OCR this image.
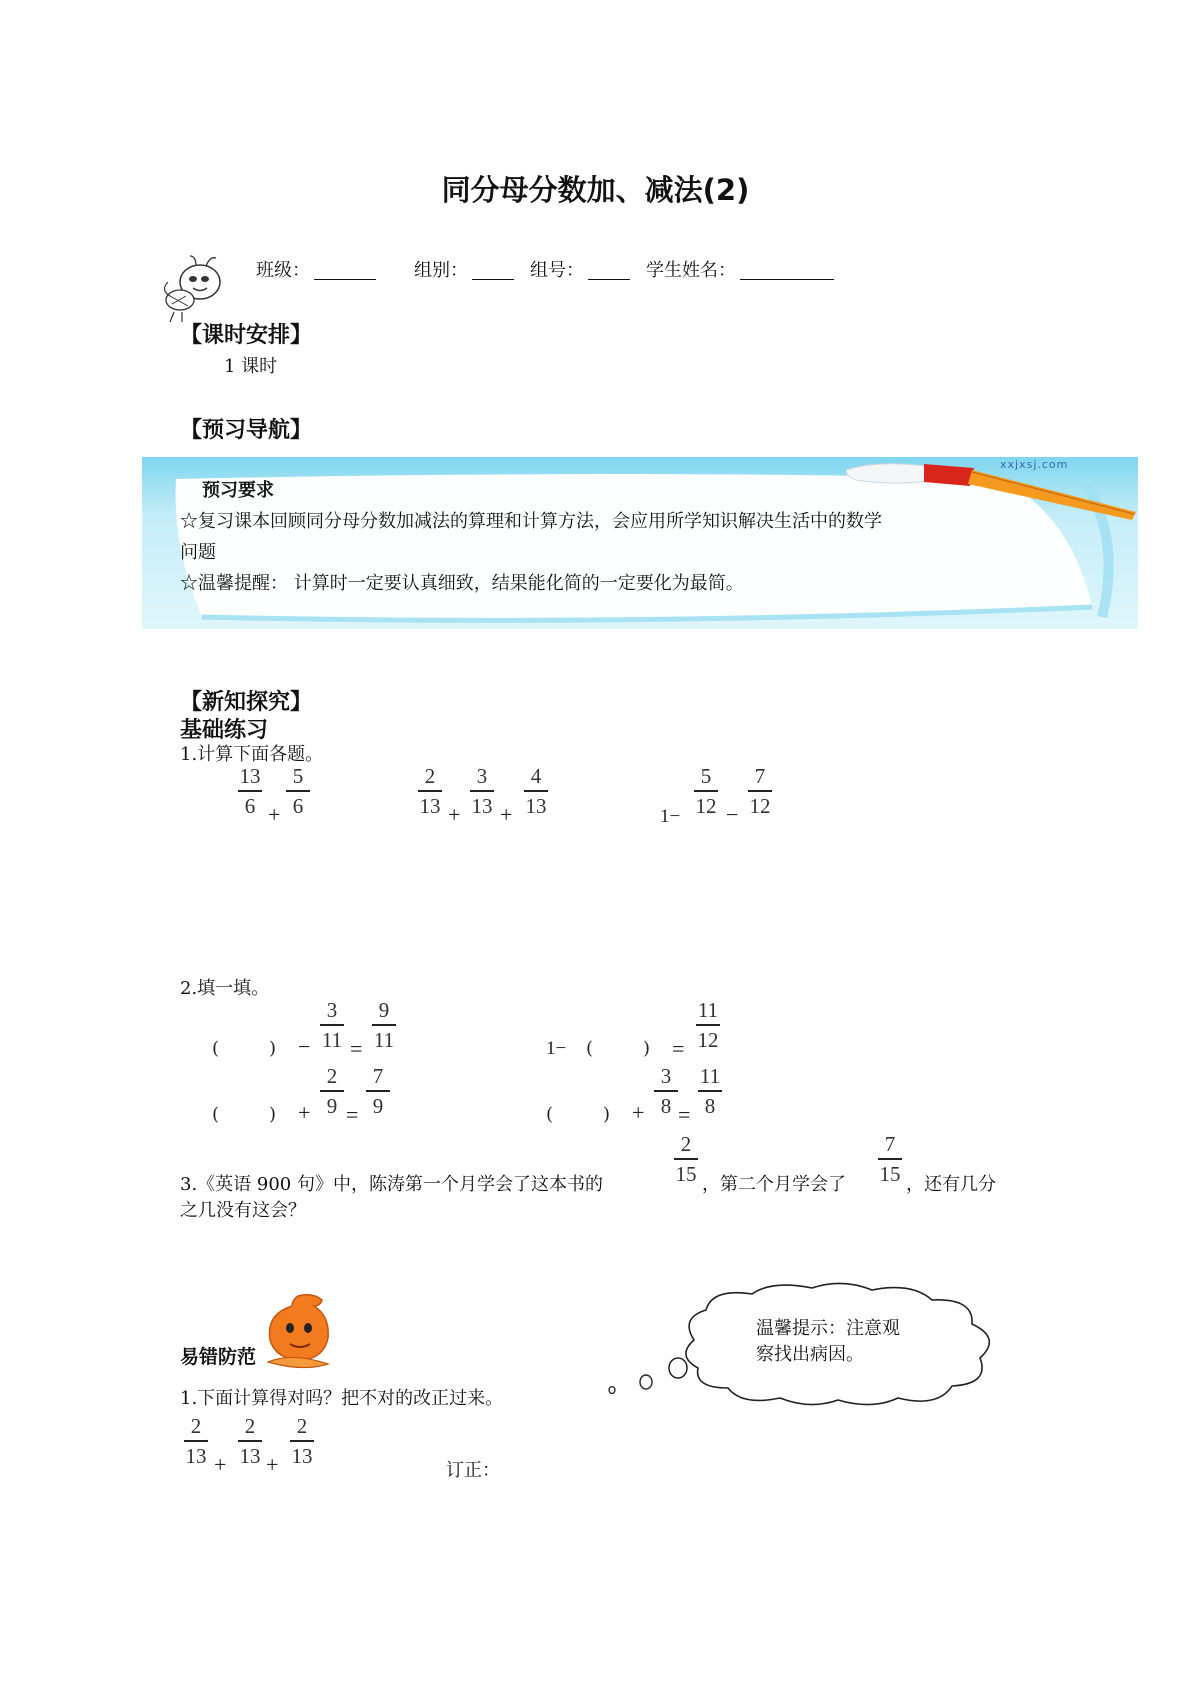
同分母分数加、减法(2)
班级：	组别：	组号：	学生姓名：
【课时安排】
1 课时
【预习导航】
xxjxsj.com
预习要求
☆复习课本回顾同分母分数加减法的算理和计算方法，会应用所学知识解决生活中的数学
问题
☆温馨提醒： 计算时一定要认真细致，结果能化简的一定要化为最简。
【新知探究】
基础练习
1.计算下面各题。
13
6 +
5
6
2
13 +
3
13 +
4
13	1−
5
12 −
7
12
2.填一填。
(	) −
3
11 =
9
11	1− (	) =
11
12
(	) +
2
9 =
7
9	(	) +
3
8 =
11
8
3.《英语 900 句》中，陈涛第一个月学会了这本书的
2
15 ，第二个月学会了
7
15 ，还有几分
之几没有这会？
易错防范
温馨提示：注意观
察找出病因。
1.下面计算得对吗？把不对的改正过来。
2
13 +
2
13 +
2
13
订正：
